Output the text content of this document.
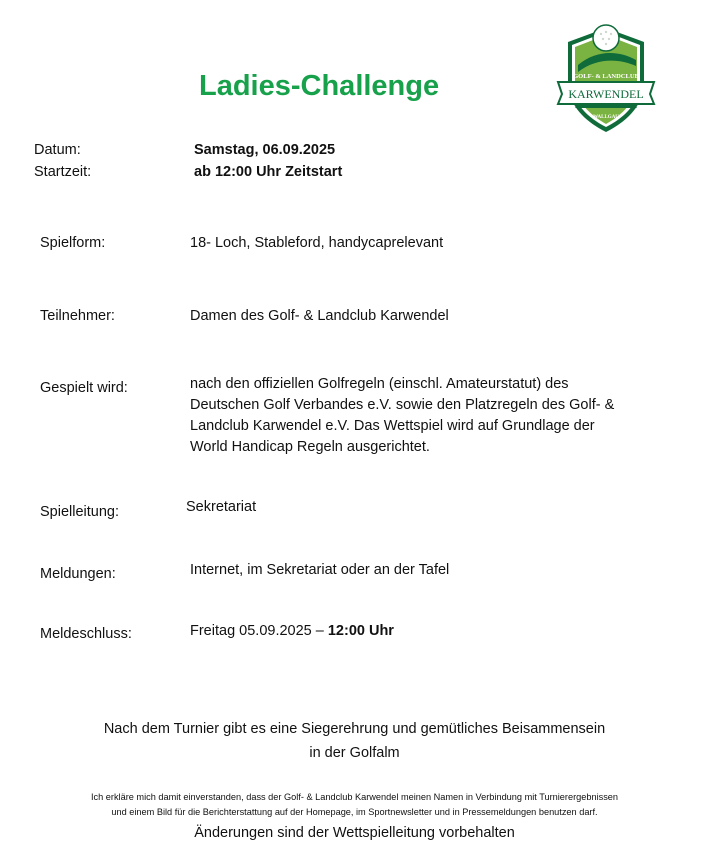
Ladies-Challenge	GOLF- & LANDCLUB
KARWENDEL
WALLGAU
Datum:	Samstag, 06.09.2025
Startzeit:	ab 12:00 Uhr Zeitstart
Spielform:	18- Loch, Stableford, handycaprelevant
Teilnehmer:	Damen des Golf- & Landclub Karwendel
Gespielt wird:	nach den offiziellen Golfregeln (einschl. Amateurstatut) des
Deutschen Golf Verbandes e.V. sowie den Platzregeln des Golf- &
Landclub Karwendel e.V. Das Wettspiel wird auf Grundlage der
World Handicap Regeln ausgerichtet.
Spielleitung:	Sekretariat
Meldungen:	Internet, im Sekretariat oder an der Tafel
Meldeschluss:	Freitag 05.09.2025 – 12:00 Uhr
Nach dem Turnier gibt es eine Siegerehrung und gemütliches Beisammensein
in der Golfalm
Ich erkläre mich damit einverstanden, dass der Golf- & Landclub Karwendel meinen Namen in Verbindung mit Turnierergebnissen
und einem Bild für die Berichterstattung auf der Homepage, im Sportnewsletter und in Pressemeldungen benutzen darf.
Änderungen sind der Wettspielleitung vorbehalten
